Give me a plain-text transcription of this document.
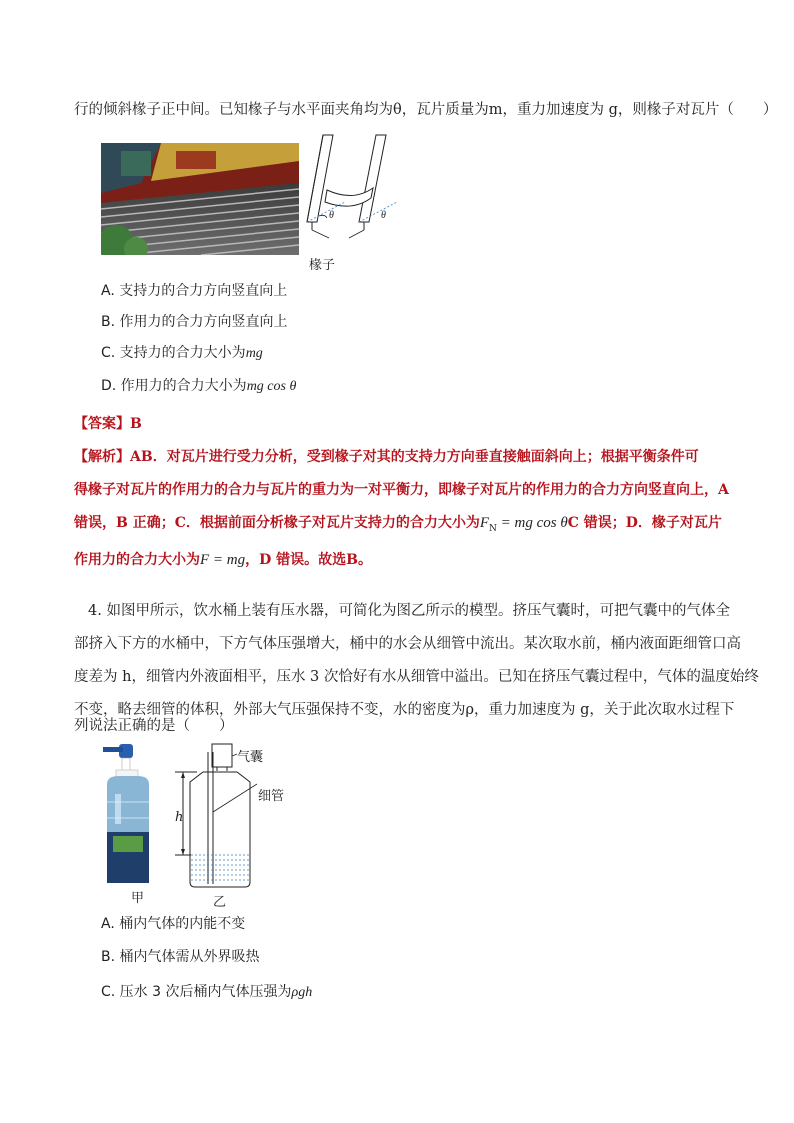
行的倾斜椽子正中间。已知椽子与水平面夹角均为θ，瓦片质量为m，重力加速度为 g，则椽子对瓦片（　　）
θ	θ
椽子
A. 支持力的合力方向竖直向上
B. 作用力的合力方向竖直向上
C. 支持力的合力大小为mg
D. 作用力的合力大小为mg cos θ
【答案】B
【解析】AB．对瓦片进行受力分析，受到椽子对其的支持力方向垂直接触面斜向上；根据平衡条件可
得椽子对瓦片的作用力的合力与瓦片的重力为一对平衡力，即椽子对瓦片的作用力的合力方向竖直向上，A
错误，B 正确；C．根据前面分析椽子对瓦片支持力的合力大小为$F_N$ = mg cos θC 错误；D．椽子对瓦片
作用力的合力大小为F = mg，D 错误。故选B。
4. 如图甲所示，饮水桶上装有压水器，可简化为图乙所示的模型。挤压气囊时，可把气囊中的气体全
部挤入下方的水桶中，下方气体压强增大，桶中的水会从细管中流出。某次取水前，桶内液面距细管口高
度差为 h，细管内外液面相平，压水 3 次恰好有水从细管中溢出。已知在挤压气囊过程中，气体的温度始终
不变，略去细管的体积，外部大气压强保持不变，水的密度为ρ，重力加速度为 g，关于此次取水过程下
列说法正确的是（　　）
甲
气囊
细管
h
乙
A. 桶内气体的内能不变
B. 桶内气体需从外界吸热
C. 压水 3 次后桶内气体压强为ρgh
